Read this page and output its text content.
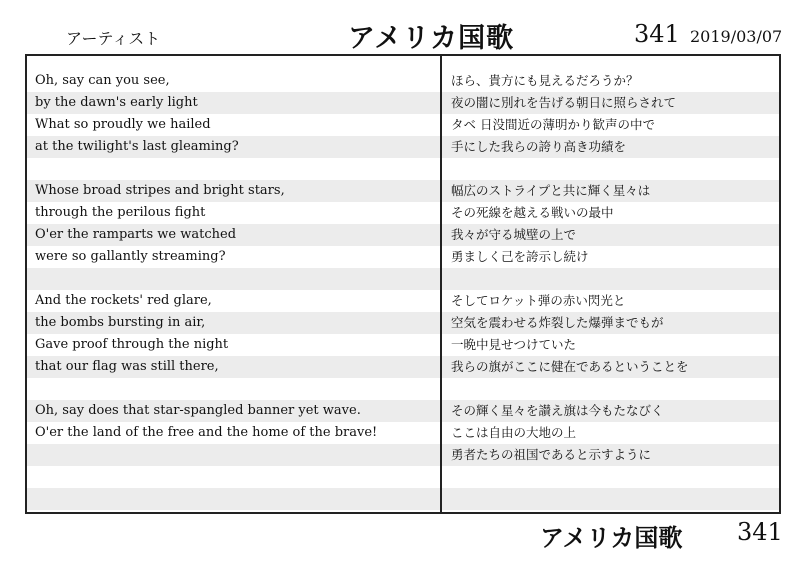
アーティスト	アメリカ国歌	341 2019/03/07
Oh, say can you see,
by the dawn's early light
What so proudly we hailed
at the twilight's last gleaming?
Whose broad stripes and bright stars,
through the perilous fight
O'er the ramparts we watched
were so gallantly streaming?
And the rockets' red glare,
the bombs bursting in air,
Gave proof through the night
that our flag was still there,
Oh, say does that star-spangled banner yet wave.
O'er the land of the free and the home of the brave!
ほら、貴方にも見えるだろうか？
夜の闇に別れを告げる朝日に照らされて
タベ 日没間近の薄明かり歓声の中で
手にした我らの誇り高き功績を
幅広のストライプと共に輝く星々は
その死線を越える戦いの最中
我々が守る城壁の上で
勇ましく己を誇示し続け
そしてロケット弾の赤い閃光と
空気を震わせる炸裂した爆弾までもが
一晩中見せつけていた
我らの旗がここに健在であるということを
その輝く星々を讃え旗は今もたなびく
ここは自由の大地の上
勇者たちの祖国であると示すように
アメリカ国歌 341
